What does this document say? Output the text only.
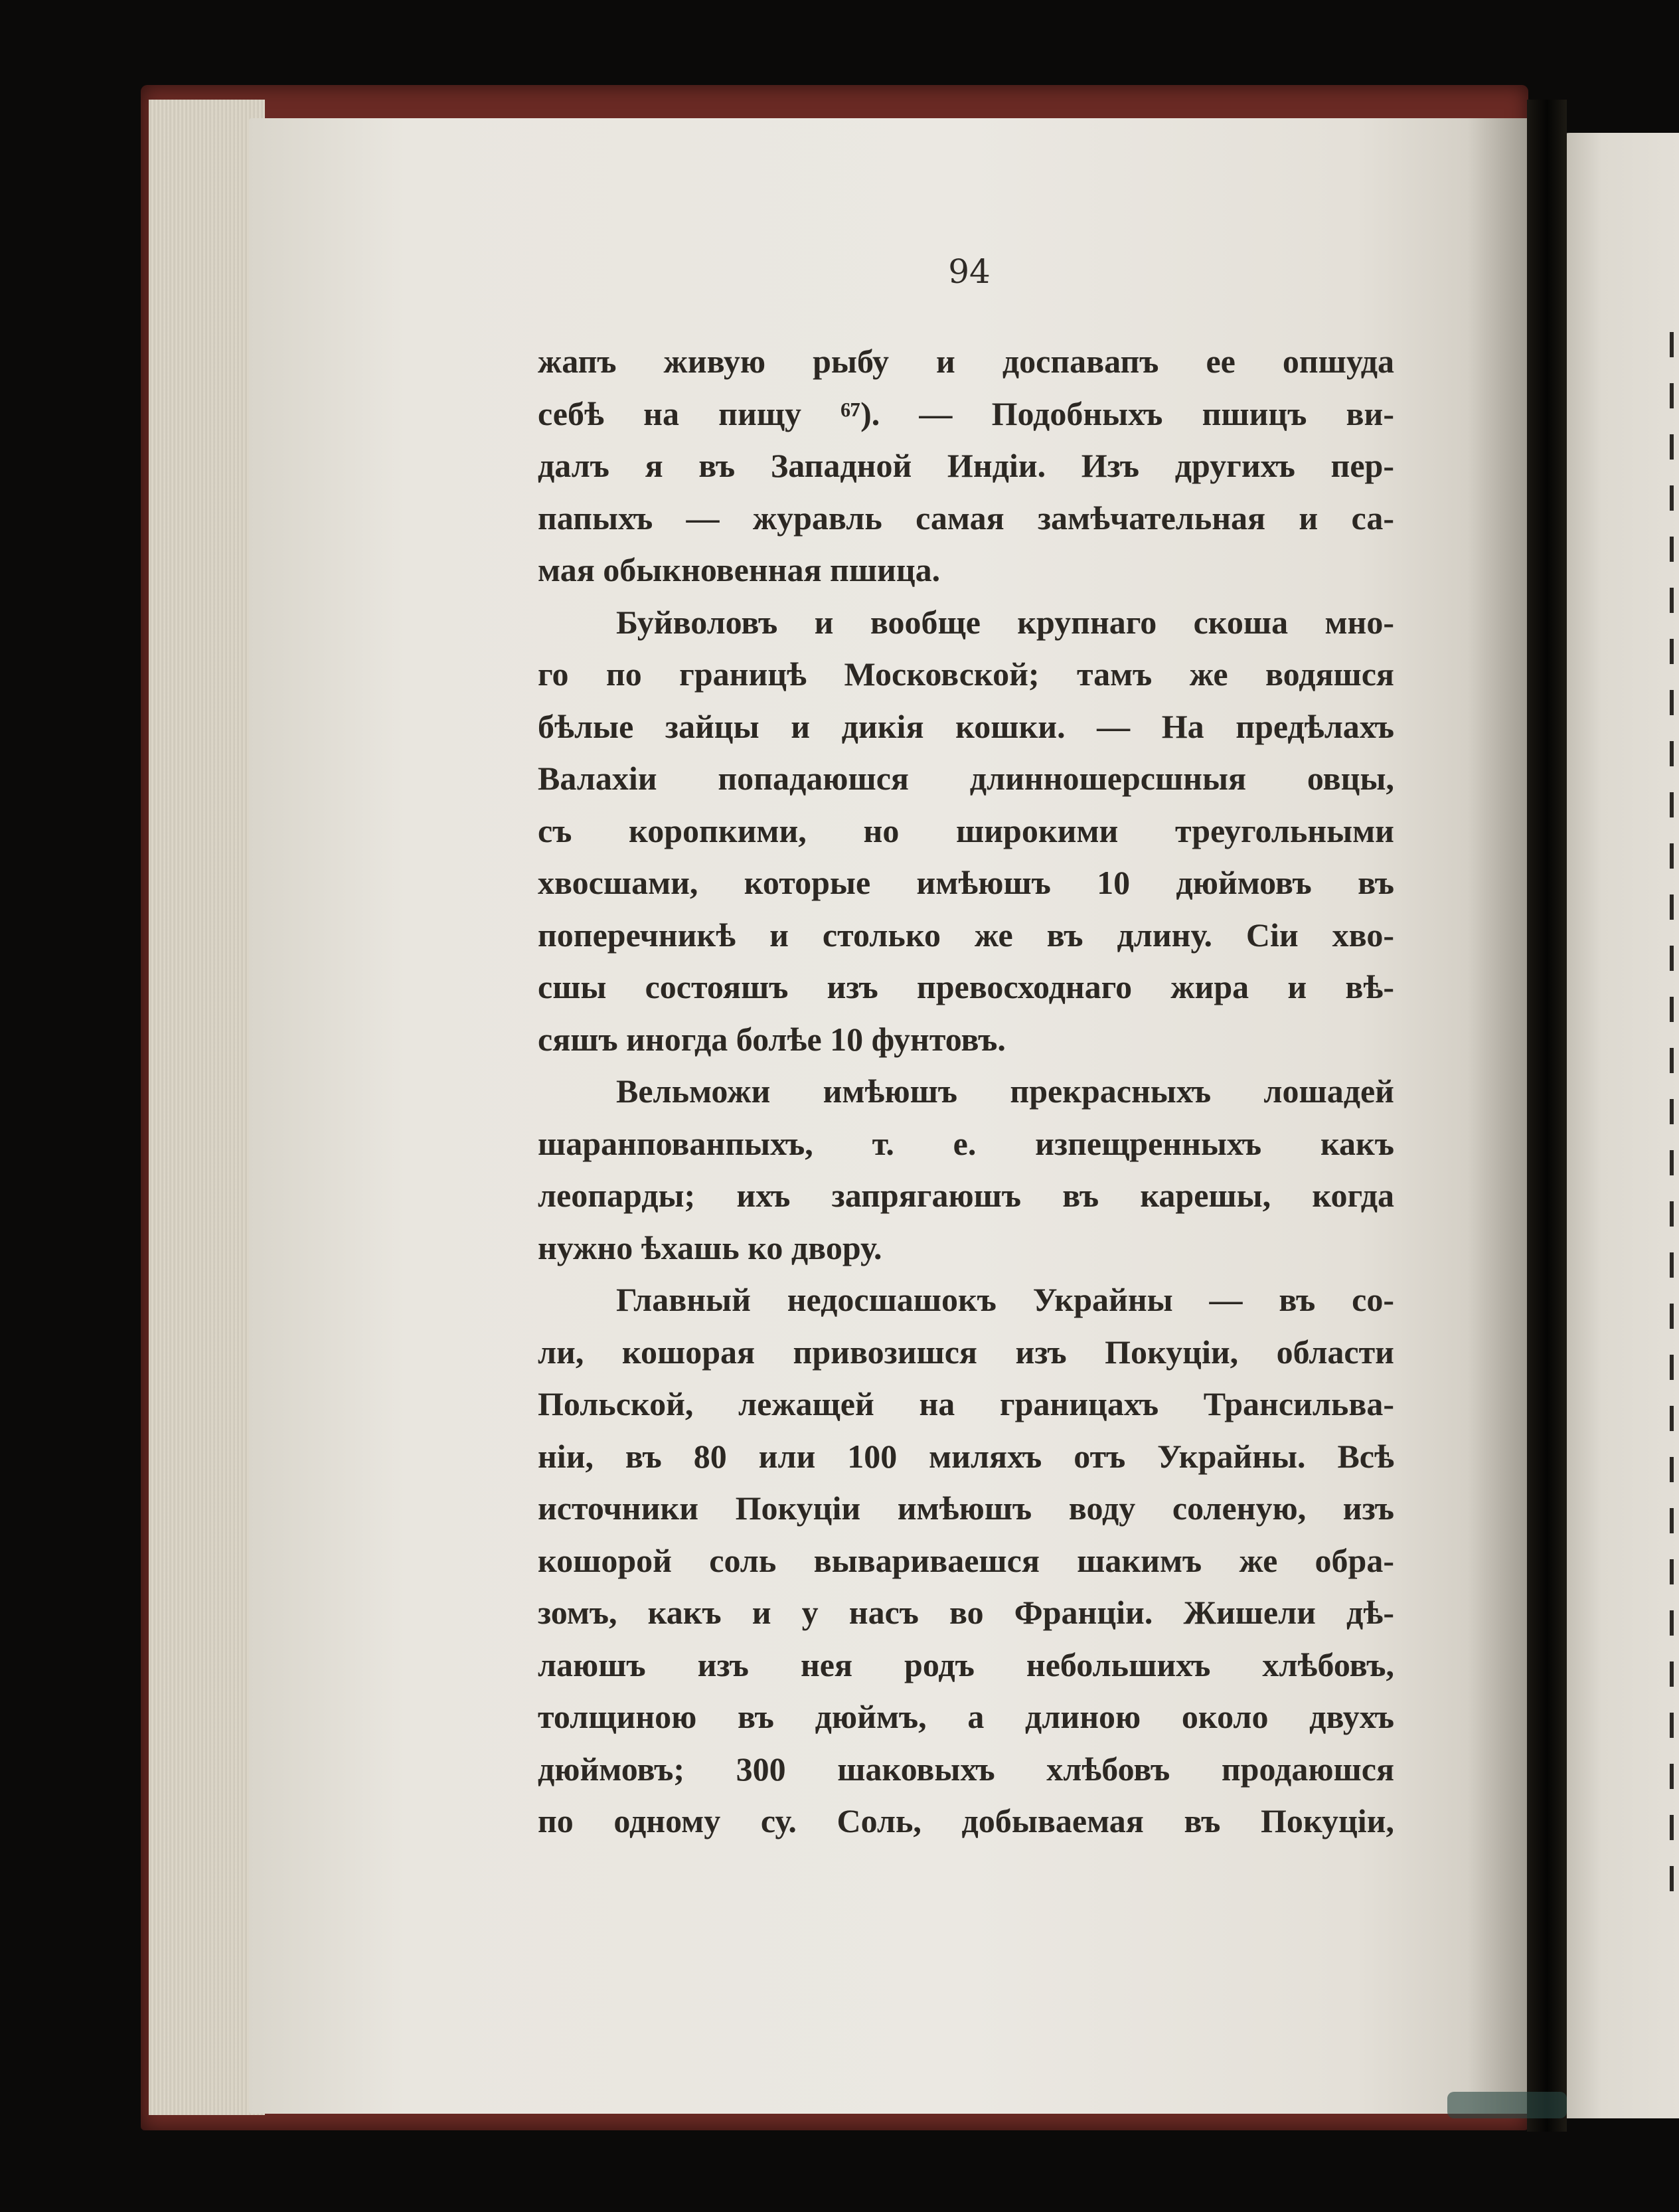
94
жапъ живую рыбу и доспавапъ ее опшуда
себѣ на пищу ⁶⁷). — Подобныхъ пшицъ ви-
далъ я въ Западной Индіи. Изъ другихъ пер-
папыхъ — журавль самая замѣчательная и са-
мая обыкновенная пшица.
Буйволовъ и вообще крупнаго скоша мно-
го по границѣ Московской; тамъ же водяшся
бѣлые зайцы и дикія кошки. — На предѣлахъ
Валахіи попадаюшся длинношерсшныя овцы,
съ коропкими, но широкими треугольными
хвосшами, которые имѣюшъ 10 дюймовъ въ
поперечникѣ и столько же въ длину. Сіи хво-
сшы состояшъ изъ превосходнаго жира и вѣ-
сяшъ иногда болѣе 10 фунтовъ.
Вельможи имѣюшъ прекрасныхъ лошадей
шаранпованпыхъ, т. е. изпещренныхъ какъ
леопарды; ихъ запрягаюшъ въ карешы, когда
нужно ѣхашь ко двору.
Главный недосшашокъ Украйны — въ со-
ли, кошорая привозишся изъ Покуціи, области
Польской, лежащей на границахъ Трансильва-
ніи, въ 80 или 100 миляхъ отъ Украйны. Всѣ
источники Покуціи имѣюшъ воду соленую, изъ
кошорой соль вывариваешся шакимъ же обра-
зомъ, какъ и у насъ во Франціи. Жишели дѣ-
лаюшъ изъ нея родъ небольшихъ хлѣбовъ,
толщиною въ дюймъ, а длиною около двухъ
дюймовъ; 300 шаковыхъ хлѣбовъ продаюшся
по одному су. Соль, добываемая въ Покуціи,
